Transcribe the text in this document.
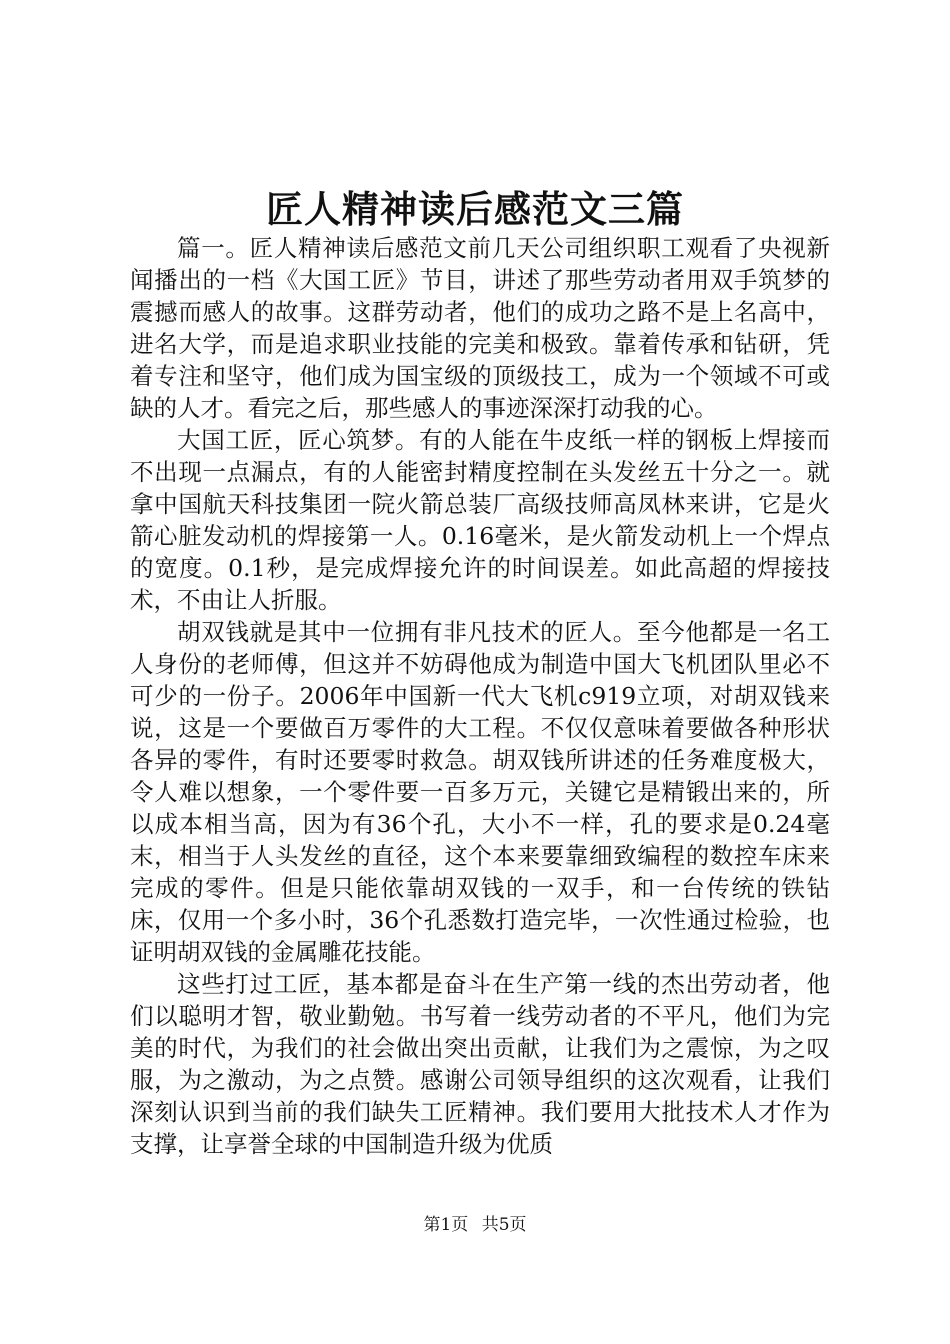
匠人精神读后感范文三篇

篇一。匠人精神读后感范文前几天公司组织职工观看了央视新闻播出的一档《大国工匠》节目，讲述了那些劳动者用双手筑梦的震撼而感人的故事。这群劳动者，他们的成功之路不是上名高中，进名大学，而是追求职业技能的完美和极致。靠着传承和钻研，凭着专注和坚守，他们成为国宝级的顶级技工，成为一个领域不可或缺的人才。看完之后，那些感人的事迹深深打动我的心。

大国工匠，匠心筑梦。有的人能在牛皮纸一样的钢板上焊接而不出现一点漏点，有的人能密封精度控制在头发丝五十分之一。就拿中国航天科技集团一院火箭总装厂高级技师高凤林来讲，它是火箭心脏发动机的焊接第一人。0.16毫米，是火箭发动机上一个焊点的宽度。0.1秒，是完成焊接允许的时间误差。如此高超的焊接技术，不由让人折服。

胡双钱就是其中一位拥有非凡技术的匠人。至今他都是一名工人身份的老师傅，但这并不妨碍他成为制造中国大飞机团队里必不可少的一份子。2006年中国新一代大飞机c919立项，对胡双钱来说，这是一个要做百万零件的大工程。不仅仅意味着要做各种形状各异的零件，有时还要零时救急。胡双钱所讲述的任务难度极大，令人难以想象，一个零件要一百多万元，关键它是精锻出来的，所以成本相当高，因为有36个孔，大小不一样，孔的要求是0.24毫末，相当于人头发丝的直径，这个本来要靠细致编程的数控车床来完成的零件。但是只能依靠胡双钱的一双手，和一台传统的铁钻床，仅用一个多小时，36个孔悉数打造完毕，一次性通过检验，也证明胡双钱的金属雕花技能。

这些打过工匠，基本都是奋斗在生产第一线的杰出劳动者，他们以聪明才智，敬业勤勉。书写着一线劳动者的不平凡，他们为完美的时代，为我们的社会做出突出贡献，让我们为之震惊，为之叹服，为之激动，为之点赞。感谢公司领导组织的这次观看，让我们深刻认识到当前的我们缺失工匠精神。我们要用大批技术人才作为支撑，让享誉全球的中国制造升级为优质

第1页 共5页
